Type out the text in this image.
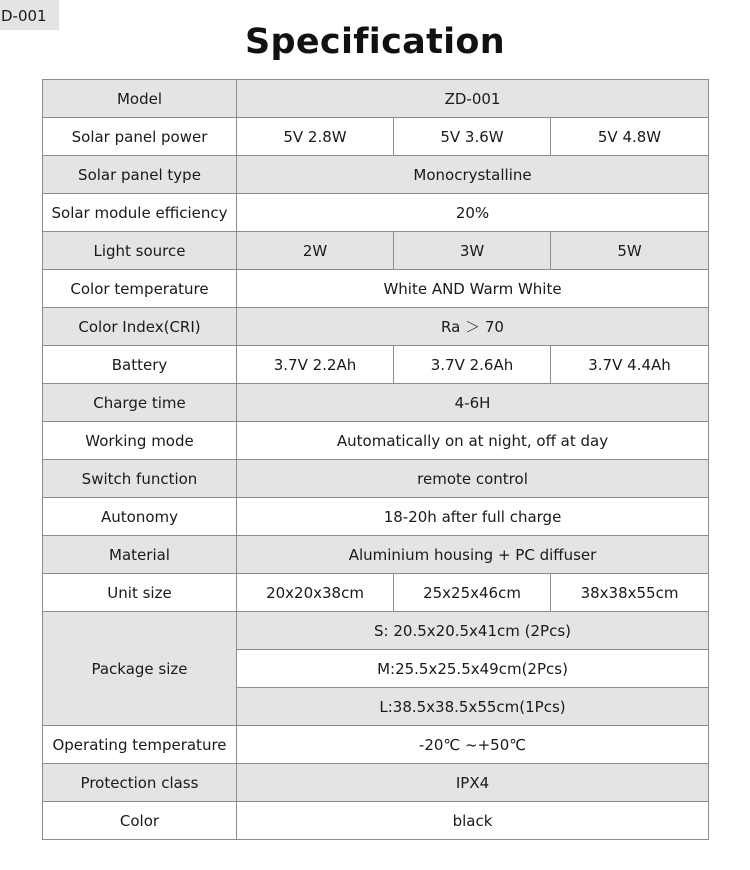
D-001
Specification
Model	ZD-001		
Solar panel power	5V 2.8W	5V 3.6W	5V 4.8W
Solar panel type	Monocrystalline		
Solar module efficiency	20%		
Light source	2W	3W	5W
Color temperature	White AND Warm White		
Color Index(CRI)	Ra ＞ 70		
Battery	3.7V 2.2Ah	3.7V 2.6Ah	3.7V 4.4Ah
Charge time	4-6H		
Working mode	Automatically on at night, off at day		
Switch function	remote control		
Autonomy	18-20h after full charge		
Material	Aluminium housing + PC diffuser		
Unit size	20x20x38cm	25x25x46cm	38x38x55cm
Package size	S: 20.5x20.5x41cm (2Pcs)		
	M:25.5x25.5x49cm(2Pcs)		
	L:38.5x38.5x55cm(1Pcs)		
Operating temperature	-20℃ ~+50℃		
Protection class	IPX4		
Color	black		
